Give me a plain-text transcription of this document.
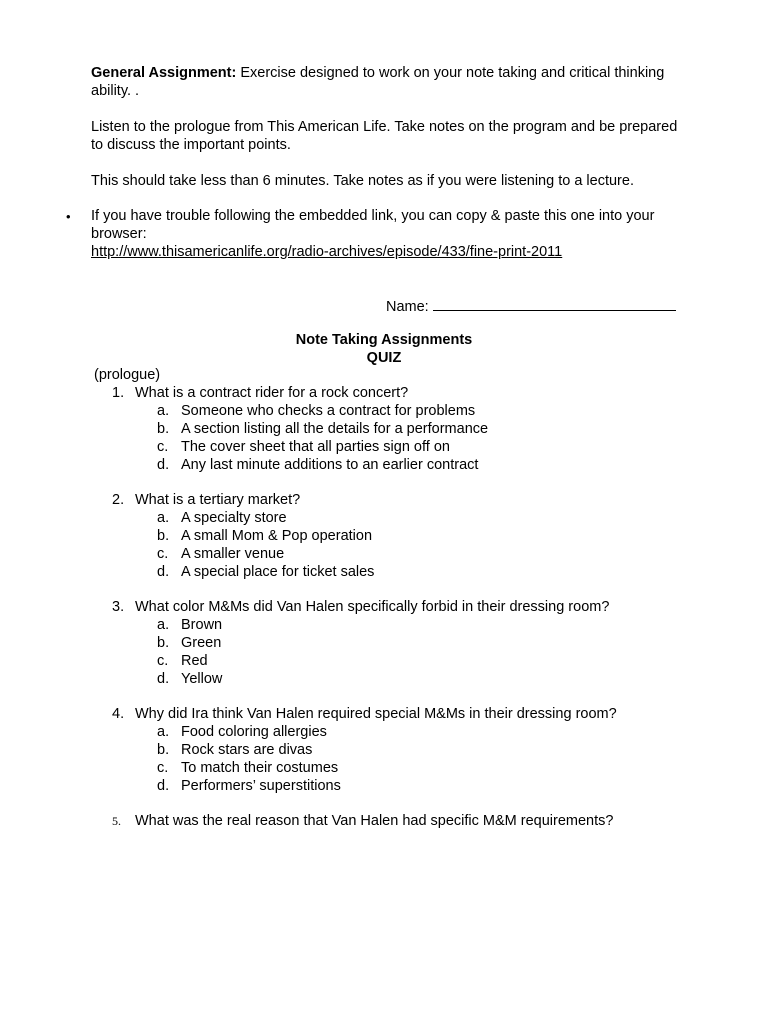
General Assignment: Exercise designed to work on your note taking and critical thinking ability. .
Listen to the prologue from This American Life. Take notes on the program and be prepared to discuss the important points.
This should take less than 6 minutes. Take notes as if you were listening to a lecture.
• If you have trouble following the embedded link, you can copy & paste this one into your browser:
http://www.thisamericanlife.org/radio-archives/episode/433/fine-print-2011
Name:
Note Taking Assignments
QUIZ
(prologue)
1. What is a contract rider for a rock concert?
a. Someone who checks a contract for problems
b. A section listing all the details for a performance
c. The cover sheet that all parties sign off on
d. Any last minute additions to an earlier contract
2. What is a tertiary market?
a. A specialty store
b. A small Mom & Pop operation
c. A smaller venue
d. A special place for ticket sales
3. What color M&Ms did Van Halen specifically forbid in their dressing room?
a. Brown
b. Green
c. Red
d. Yellow
4. Why did Ira think Van Halen required special M&Ms in their dressing room?
a. Food coloring allergies
b. Rock stars are divas
c. To match their costumes
d. Performers’ superstitions
5. What was the real reason that Van Halen had specific M&M requirements?
